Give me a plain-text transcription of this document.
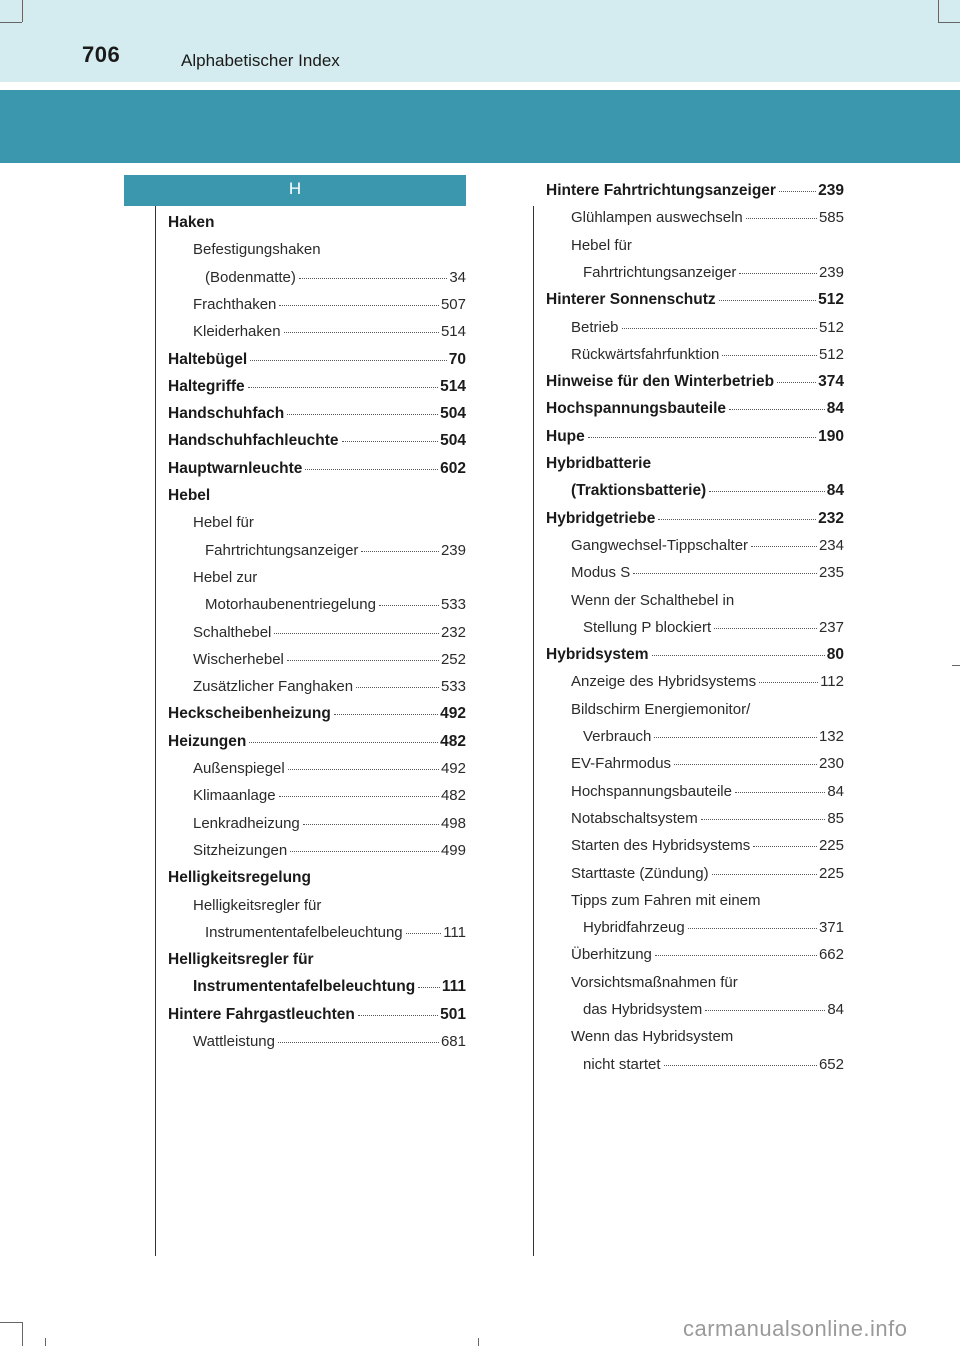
706	Alphabetischer Index
H
Haken
Befestigungshaken
(Bodenmatte)	34
Frachthaken	507
Kleiderhaken	514
Haltebügel	70
Haltegriffe	514
Handschuhfach	504
Handschuhfachleuchte	504
Hauptwarnleuchte	602
Hebel
Hebel für
Fahrtrichtungsanzeiger	239
Hebel zur
Motorhaubenentriegelung	533
Schalthebel	232
Wischerhebel	252
Zusätzlicher Fanghaken	533
Heckscheibenheizung	492
Heizungen	482
Außenspiegel	492
Klimaanlage	482
Lenkradheizung	498
Sitzheizungen	499
Helligkeitsregelung
Helligkeitsregler für
Instrumententafelbeleuchtung	111
Helligkeitsregler für
Instrumententafelbeleuchtung 111
Hintere Fahrgastleuchten	501
Wattleistung	681
Hintere Fahrtrichtungsanzeiger	239
Glühlampen auswechseln	585
Hebel für
Fahrtrichtungsanzeiger	239
Hinterer Sonnenschutz	512
Betrieb	512
Rückwärtsfahrfunktion	512
Hinweise für den Winterbetrieb	374
Hochspannungsbauteile	84
Hupe	190
Hybridbatterie
(Traktionsbatterie)	84
Hybridgetriebe	232
Gangwechsel-Tippschalter	234
Modus S	235
Wenn der Schalthebel in
Stellung P blockiert	237
Hybridsystem	80
Anzeige des Hybridsystems	112
Bildschirm Energiemonitor/
Verbrauch	132
EV-Fahrmodus	230
Hochspannungsbauteile	84
Notabschaltsystem	85
Starten des Hybridsystems	225
Starttaste (Zündung)	225
Tipps zum Fahren mit einem
Hybridfahrzeug	371
Überhitzung	662
Vorsichtsmaßnahmen für
das Hybridsystem	84
Wenn das Hybridsystem
nicht startet	652
carmanualsonline.info
